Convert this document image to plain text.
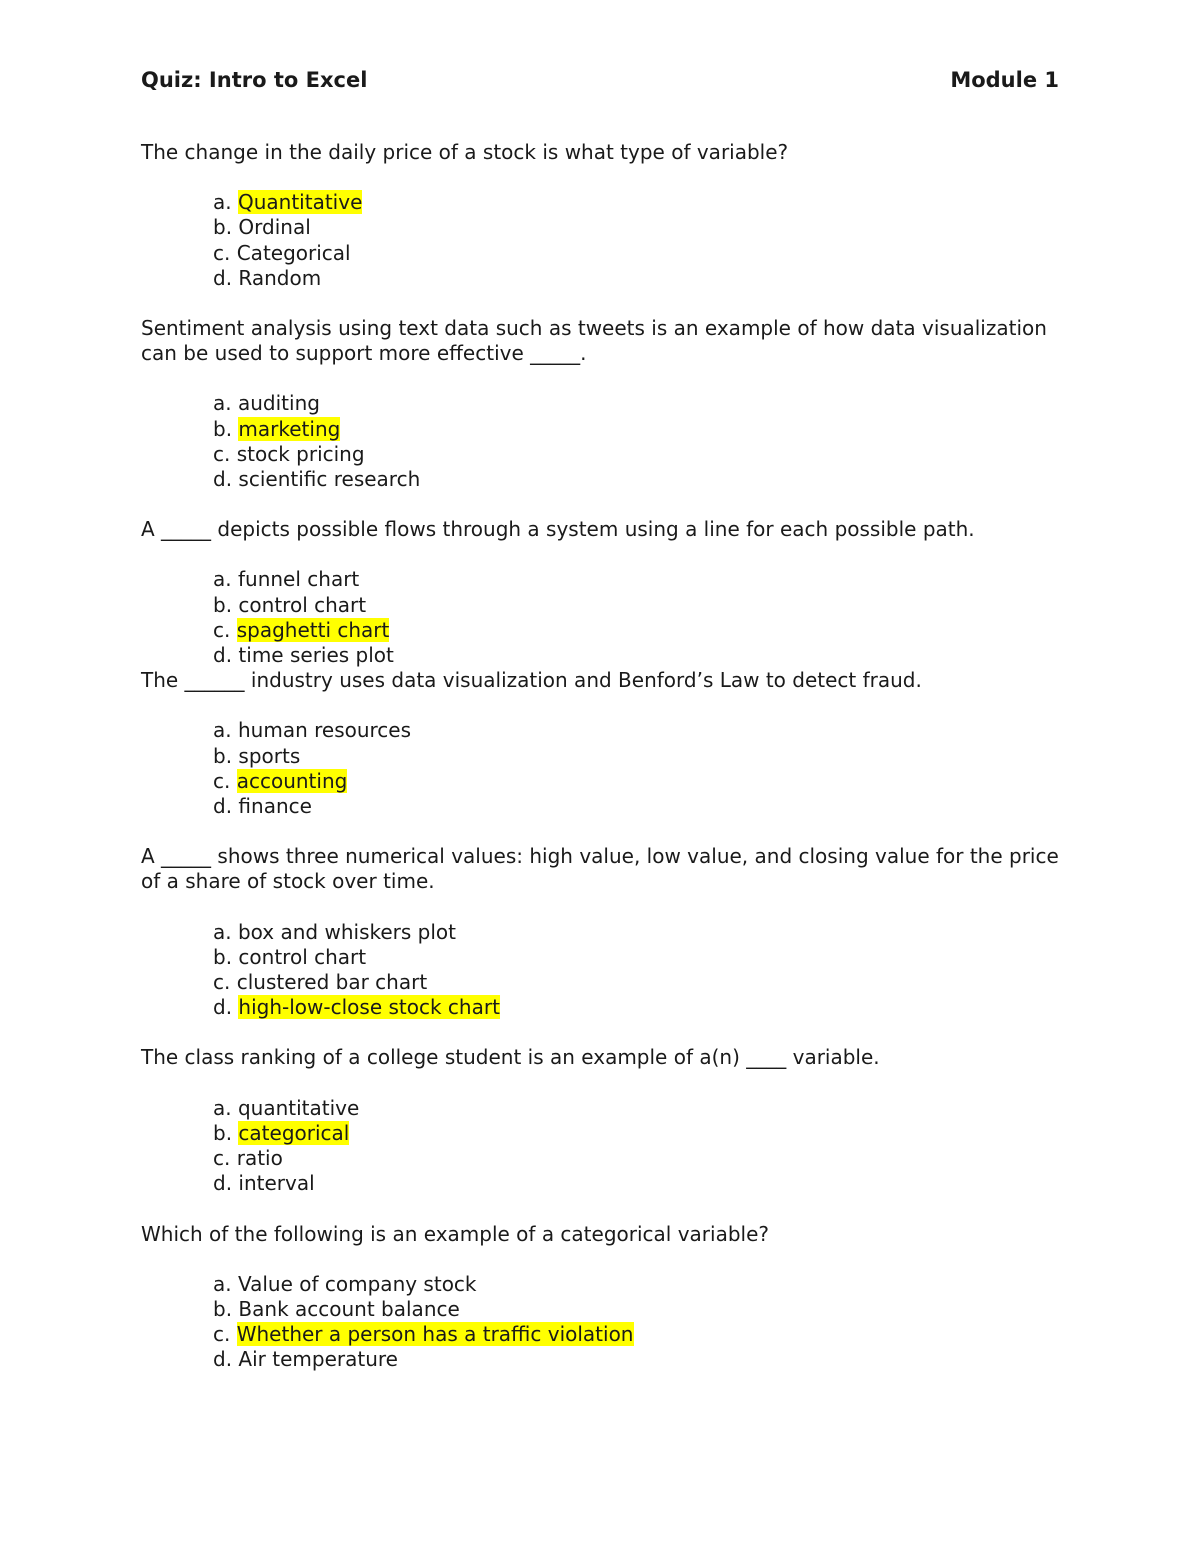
Quiz: Intro to Excel	Module 1

The change in the daily price of a stock is what type of variable?

a. Quantitative
b. Ordinal
c. Categorical
d. Random

Sentiment analysis using text data such as tweets is an example of how data visualization can be used to support more effective _____.

a. auditing
b. marketing
c. stock pricing
d. scientific research

A _____ depicts possible flows through a system using a line for each possible path.

a. funnel chart
b. control chart
c. spaghetti chart
d. time series plot

The ______ industry uses data visualization and Benford’s Law to detect fraud.

a. human resources
b. sports
c. accounting
d. finance

A _____ shows three numerical values: high value, low value, and closing value for the price of a share of stock over time.

a. box and whiskers plot
b. control chart
c. clustered bar chart
d. high-low-close stock chart

The class ranking of a college student is an example of a(n) ____ variable.

a. quantitative
b. categorical
c. ratio
d. interval

Which of the following is an example of a categorical variable?

a. Value of company stock
b. Bank account balance
c. Whether a person has a traffic violation
d. Air temperature
